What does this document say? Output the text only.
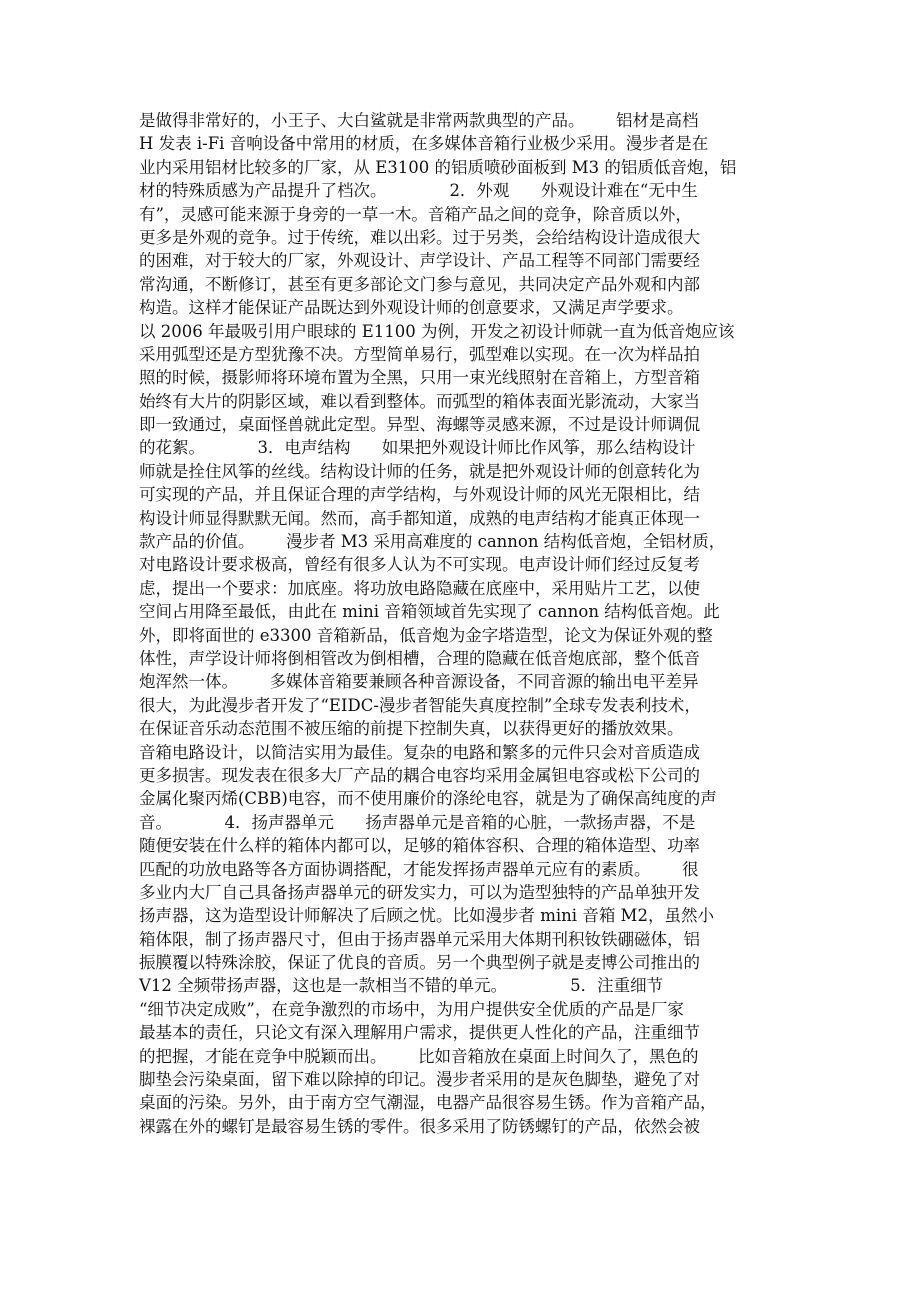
是做得非常好的，小王子、大白鲨就是非常两款典型的产品。      铝材是高档
H 发表 i-Fi 音响设备中常用的材质，在多媒体音箱行业极少采用。漫步者是在
业内采用铝材比较多的厂家，从 E3100 的铝质喷砂面板到 M3 的铝质低音炮，铝
材的特殊质感为产品提升了档次。            2．外观      外观设计难在“无中生
有”，灵感可能来源于身旁的一草一木。音箱产品之间的竞争，除音质以外，
更多是外观的竞争。过于传统，难以出彩。过于另类，会给结构设计造成很大
的困难，对于较大的厂家，外观设计、声学设计、产品工程等不同部门需要经
常沟通，不断修订，甚至有更多部论文门参与意见，共同决定产品外观和内部
构造。这样才能保证产品既达到外观设计师的创意要求，又满足声学要求。
以 2006 年最吸引用户眼球的 E1100 为例，开发之初设计师就一直为低音炮应该
采用弧型还是方型犹豫不决。方型简单易行，弧型难以实现。在一次为样品拍
照的时候，摄影师将环境布置为全黑，只用一束光线照射在音箱上，方型音箱
始终有大片的阴影区域，难以看到整体。而弧型的箱体表面光影流动，大家当
即一致通过，桌面怪兽就此定型。异型、海螺等灵感来源，不过是设计师调侃
的花絮。          3．电声结构      如果把外观设计师比作风筝，那么结构设计
师就是拴住风筝的丝线。结构设计师的任务，就是把外观设计师的创意转化为
可实现的产品，并且保证合理的声学结构，与外观设计师的风光无限相比，结
构设计师显得默默无闻。然而，高手都知道，成熟的电声结构才能真正体现一
款产品的价值。      漫步者 M3 采用高难度的 cannon 结构低音炮，全铝材质，
对电路设计要求极高，曾经有很多人认为不可实现。电声设计师们经过反复考
虑，提出一个要求：加底座。将功放电路隐藏在底座中，采用贴片工艺，以使
空间占用降至最低，由此在 mini 音箱领域首先实现了 cannon 结构低音炮。此
外，即将面世的 e3300 音箱新品，低音炮为金字塔造型，论文为保证外观的整
体性，声学设计师将倒相管改为倒相槽，合理的隐藏在低音炮底部，整个低音
炮浑然一体。      多媒体音箱要兼顾各种音源设备，不同音源的输出电平差异
很大，为此漫步者开发了“EIDC-漫步者智能失真度控制”全球专发表利技术，
在保证音乐动态范围不被压缩的前提下控制失真，以获得更好的播放效果。
音箱电路设计，以简洁实用为最佳。复杂的电路和繁多的元件只会对音质造成
更多损害。现发表在很多大厂产品的耦合电容均采用金属钽电容或松下公司的
金属化聚丙烯(CBB)电容，而不使用廉价的涤纶电容，就是为了确保高纯度的声
音。          4．扬声器单元      扬声器单元是音箱的心脏，一款扬声器，不是
随便安装在什么样的箱体内都可以，足够的箱体容积、合理的箱体造型、功率
匹配的功放电路等各方面协调搭配，才能发挥扬声器单元应有的素质。      很
多业内大厂自己具备扬声器单元的研发实力，可以为造型独特的产品单独开发
扬声器，这为造型设计师解决了后顾之忧。比如漫步者 mini 音箱 M2，虽然小
箱体限，制了扬声器尺寸，但由于扬声器单元采用大体期刊积钕铁硼磁体，铝
振膜覆以特殊涂胶，保证了优良的音质。另一个典型例子就是麦博公司推出的
V12 全频带扬声器，这也是一款相当不错的单元。            5．注重细节
“细节决定成败”，在竞争激烈的市场中，为用户提供安全优质的产品是厂家
最基本的责任，只论文有深入理解用户需求，提供更人性化的产品，注重细节
的把握，才能在竞争中脱颖而出。      比如音箱放在桌面上时间久了，黑色的
脚垫会污染桌面，留下难以除掉的印记。漫步者采用的是灰色脚垫，避免了对
桌面的污染。另外，由于南方空气潮湿，电器产品很容易生锈。作为音箱产品，
裸露在外的螺钉是最容易生锈的零件。很多采用了防锈螺钉的产品，依然会被
